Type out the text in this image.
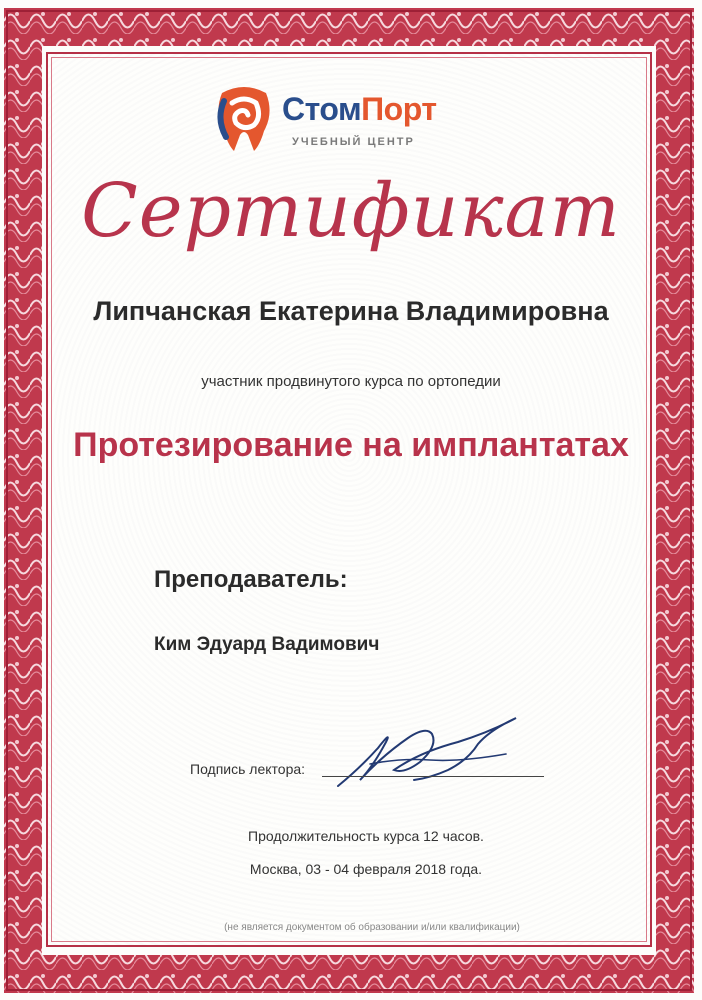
СтомПорт
УЧЕБНЫЙ ЦЕНТР
Сертификат
Липчанская Екатерина Владимировна
участник продвинутого курса по ортопедии
Протезирование на имплантатах
Преподаватель:
Ким Эдуард Вадимович
Подпись лектора:
Продолжительность курса 12 часов.
Москва, 03 - 04 февраля 2018 года.
(не является документом об образовании и/или квалификации)
